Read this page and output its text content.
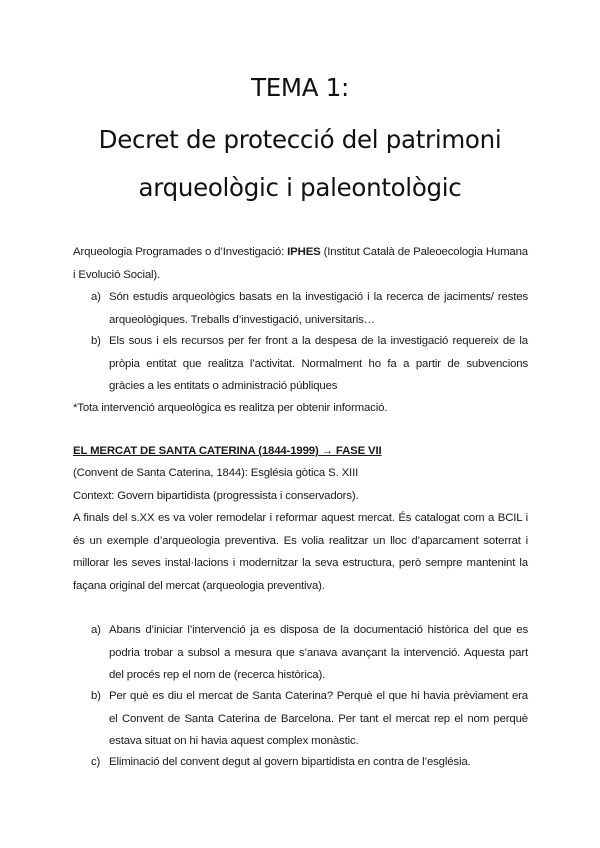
TEMA 1:
Decret de protecció del patrimoni
arqueològic i paleontològic
Arqueologia Programades o d’Investigació: IPHES (Institut Català de Paleoecologia Humana i Evolució Social).
a) Són estudis arqueològics basats en la investigació i la recerca de jaciments/ restes arqueològiques. Treballs d’investigació, universitaris…
b) Els sous i els recursos per fer front a la despesa de la investigació requereix de la pròpia entitat que realitza l’activitat. Normalment ho fa a partir de subvencions gràcies a les entitats o administració públiques
*Tota intervenció arqueològica es realitza per obtenir informació.
EL MERCAT DE SANTA CATERINA (1844-1999) → FASE VII
(Convent de Santa Caterina, 1844): Església gòtica S. XIII
Context: Govern bipartidista (progressista i conservadors).
A finals del s.XX es va voler remodelar i reformar aquest mercat. És catalogat com a BCIL i és un exemple d’arqueologia preventiva. Es volia realitzar un lloc d’aparcament soterrat i millorar les seves instal·lacions i modernitzar la seva estructura, però sempre mantenint la façana original del mercat (arqueologia preventiva).
a) Abans d’iniciar l’intervenció ja es disposa de la documentació històrica del que es podria trobar a subsol a mesura que s’anava avançant la intervenció. Aquesta part del procés rep el nom de (recerca històrica).
b) Per què es diu el mercat de Santa Caterina? Perquè el que hi havia prèviament era el Convent de Santa Caterina de Barcelona. Per tant el mercat rep el nom perquè estava situat on hi havia aquest complex monàstic.
c) Eliminació del convent degut al govern bipartidista en contra de l’església.
